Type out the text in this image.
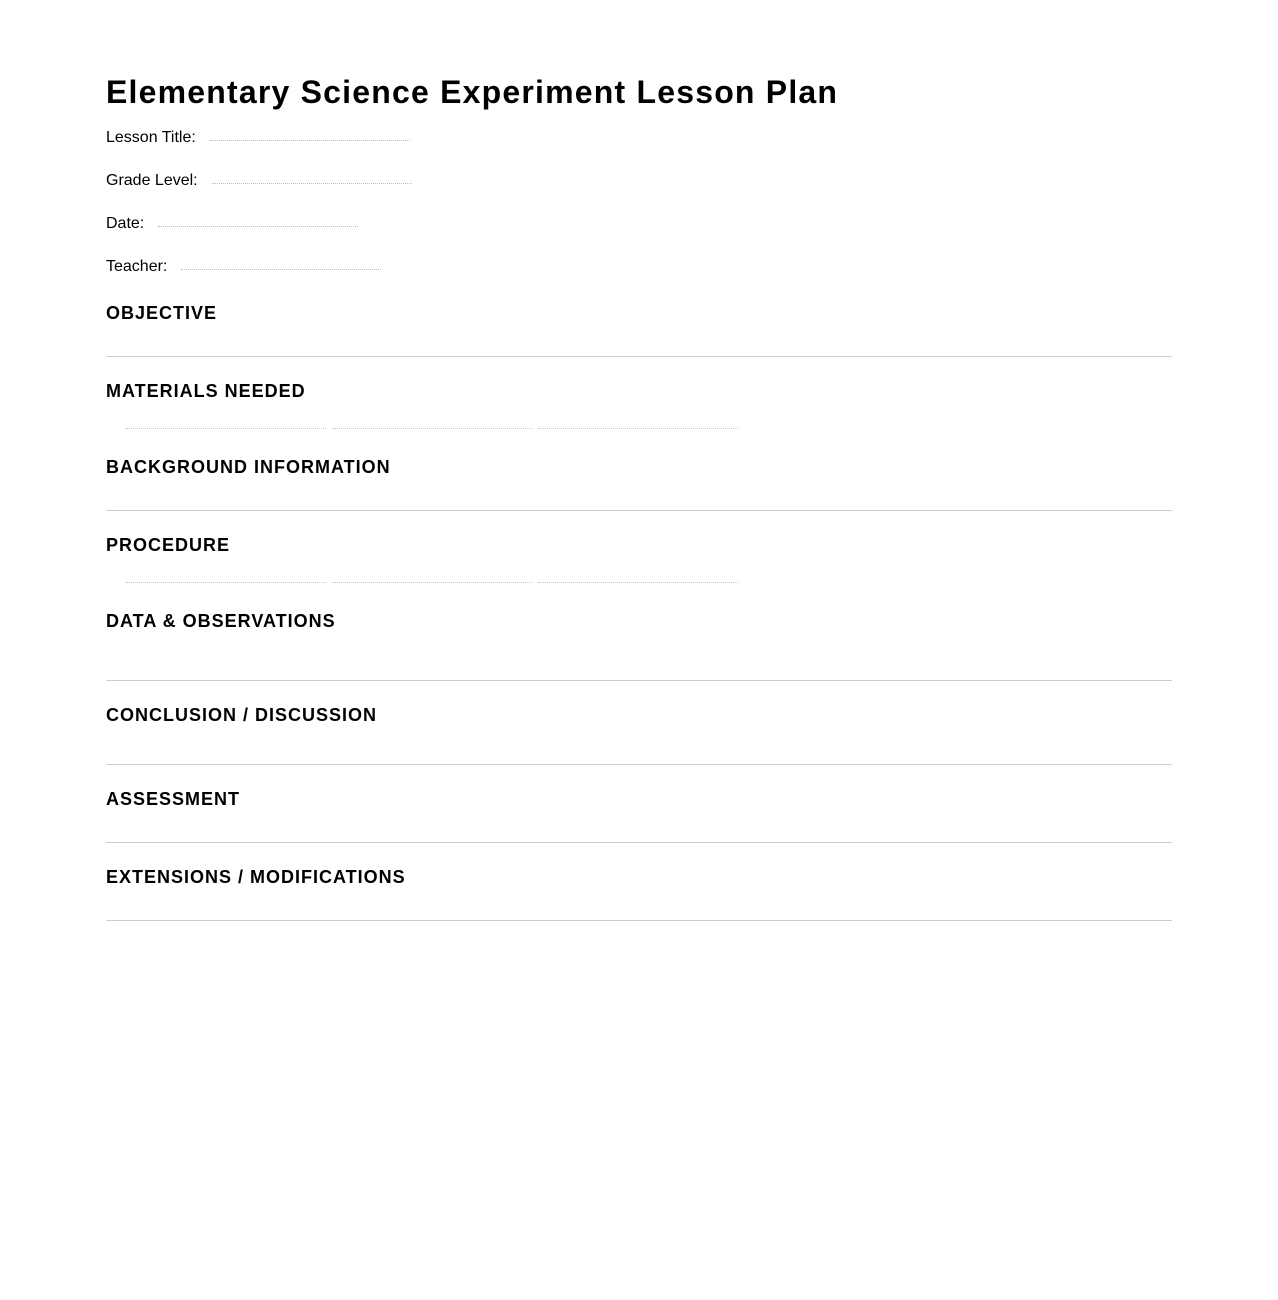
Elementary Science Experiment Lesson Plan
Lesson Title:
Grade Level:
Date:
Teacher:
OBJECTIVE
MATERIALS NEEDED
BACKGROUND INFORMATION
PROCEDURE
DATA & OBSERVATIONS
CONCLUSION / DISCUSSION
ASSESSMENT
EXTENSIONS / MODIFICATIONS
